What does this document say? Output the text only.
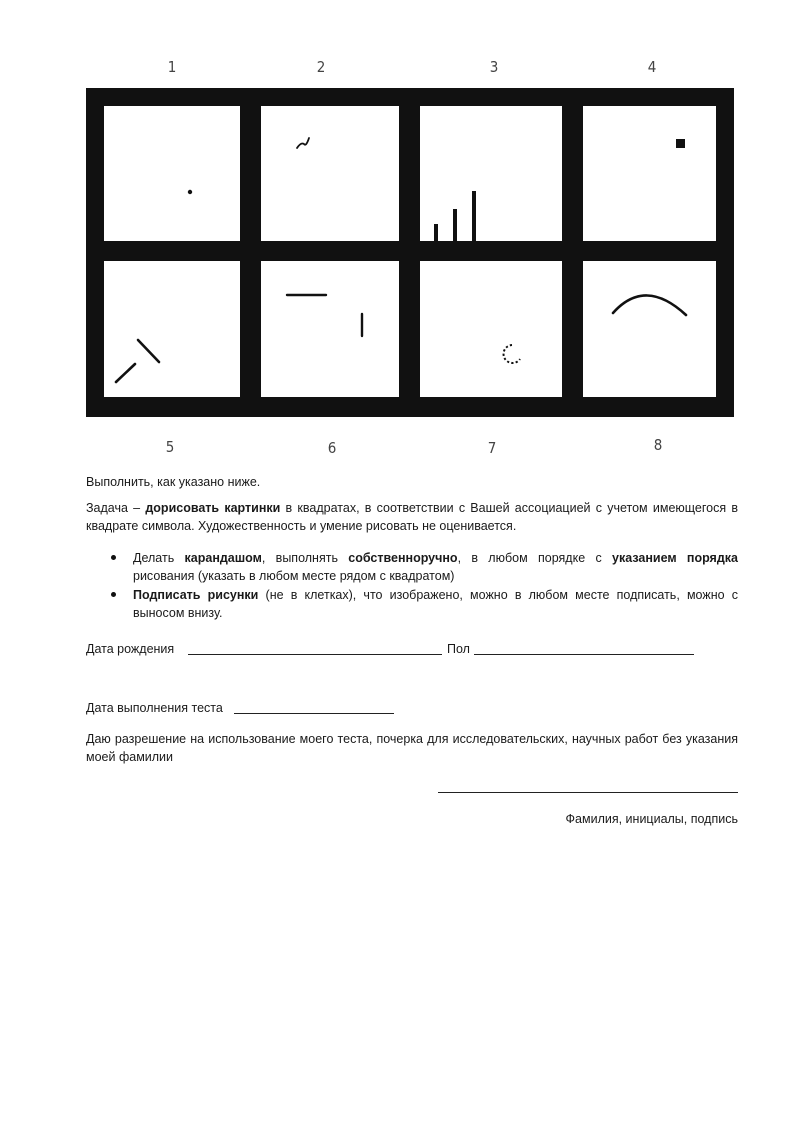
1	2	3	4
5	6	7	8

Выполнить, как указано ниже.

Задача – дорисовать картинки в квадратах, в соответствии с Вашей ассоциацией с учетом имеющегося в квадрате символа. Художественность и умение рисовать не оценивается.

Делать карандашом, выполнять собственноручно, в любом порядке с указанием порядка рисования (указать в любом месте рядом с квадратом)
Подписать рисунки (не в клетках), что изображено, можно в любом месте подписать, можно с выносом внизу.

Дата рождения	Пол

Дата выполнения теста

Даю разрешение на использование моего теста, почерка для исследовательских, научных работ без указания моей фамилии

Фамилия, инициалы, подпись
